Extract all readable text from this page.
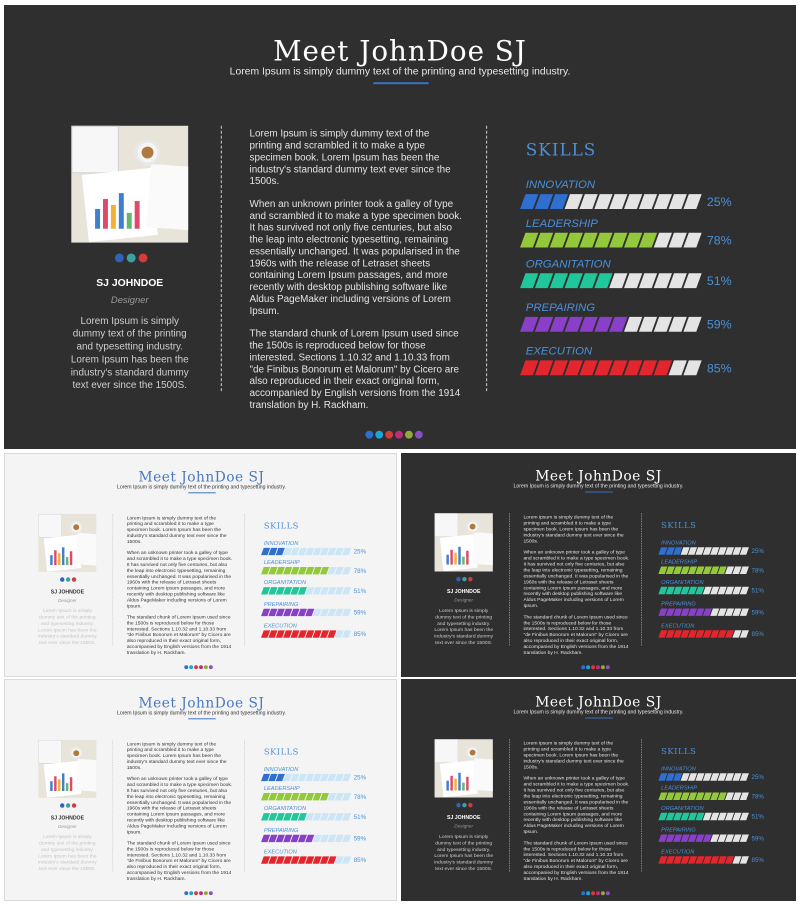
Meet JohnDoe SJ
Lorem Ipsum is simply dummy text of the printing and typesetting industry.
SJ JOHNDOE
Designer
Lorem Ipsum is simply dummy text of the printing and typesetting industry. Lorem Ipsum has been the industry's standard dummy text ever since the 1500S.

Lorem Ipsum is simply dummy text of the printing and scrambled it to make a type specimen book. Lorem Ipsum has been the industry's standard dummy text ever since the 1500s.

When an unknown printer took a galley of type and scrambled it to make a type specimen book. It has survived not only five centuries, but also the leap into electronic typesetting, remaining essentially unchanged. It was popularised in the 1960s with the release of Letraset sheets containing Lorem Ipsum passages, and more recently with desktop publishing software like Aldus PageMaker including versions of Lorem Ipsum.

The standard chunk of Lorem Ipsum used since the 1500s is reproduced below for those interested. Sections 1.10.32 and 1.10.33 from "de Finibus Bonorum et Malorum" by Cicero are also reproduced in their exact original form, accompanied by English versions from the 1914 translation by H. Rackham.

SKILLS
INNOVATION
25%
LEADERSHIP
78%
ORGANITATION
51%
PREPAIRING
59%
EXECUTION
85%
Meet JohnDoe SJ
Lorem Ipsum is simply dummy text of the printing and typesetting industry.
SJ JOHNDOE
Designer
Lorem Ipsum is simply dummy text of the printing and typesetting industry. Lorem Ipsum has been the industry's standard dummy text ever since the 1500S.

Lorem Ipsum is simply dummy text of the printing and scrambled it to make a type specimen book. Lorem Ipsum has been the industry's standard dummy text ever since the 1500s.

When an unknown printer took a galley of type and scrambled it to make a type specimen book. It has survived not only five centuries, but also the leap into electronic typesetting, remaining essentially unchanged. It was popularised in the 1960s with the release of Letraset sheets containing Lorem Ipsum passages, and more recently with desktop publishing software like Aldus PageMaker including versions of Lorem Ipsum.

The standard chunk of Lorem Ipsum used since the 1500s is reproduced below for those interested. Sections 1.10.32 and 1.10.33 from "de Finibus Bonorum et Malorum" by Cicero are also reproduced in their exact original form, accompanied by English versions from the 1914 translation by H. Rackham.

SKILLS
INNOVATION
25%
LEADERSHIP
78%
ORGANITATION
51%
PREPAIRING
59%
EXECUTION
85%
Meet JohnDoe SJ
Lorem Ipsum is simply dummy text of the printing and typesetting industry.
SJ JOHNDOE
Designer
Lorem Ipsum is simply dummy text of the printing and typesetting industry. Lorem Ipsum has been the industry's standard dummy text ever since the 1500S.

Lorem Ipsum is simply dummy text of the printing and scrambled it to make a type specimen book. Lorem Ipsum has been the industry's standard dummy text ever since the 1500s.

When an unknown printer took a galley of type and scrambled it to make a type specimen book. It has survived not only five centuries, but also the leap into electronic typesetting, remaining essentially unchanged. It was popularised in the 1960s with the release of Letraset sheets containing Lorem Ipsum passages, and more recently with desktop publishing software like Aldus PageMaker including versions of Lorem Ipsum.

The standard chunk of Lorem Ipsum used since the 1500s is reproduced below for those interested. Sections 1.10.32 and 1.10.33 from "de Finibus Bonorum et Malorum" by Cicero are also reproduced in their exact original form, accompanied by English versions from the 1914 translation by H. Rackham.

SKILLS
INNOVATION
25%
LEADERSHIP
78%
ORGANITATION
51%
PREPAIRING
59%
EXECUTION
85%
Meet JohnDoe SJ
Lorem Ipsum is simply dummy text of the printing and typesetting industry.
SJ JOHNDOE
Designer
Lorem Ipsum is simply dummy text of the printing and typesetting industry. Lorem Ipsum has been the industry's standard dummy text ever since the 1500S.

Lorem Ipsum is simply dummy text of the printing and scrambled it to make a type specimen book. Lorem Ipsum has been the industry's standard dummy text ever since the 1500s.

When an unknown printer took a galley of type and scrambled it to make a type specimen book. It has survived not only five centuries, but also the leap into electronic typesetting, remaining essentially unchanged. It was popularised in the 1960s with the release of Letraset sheets containing Lorem Ipsum passages, and more recently with desktop publishing software like Aldus PageMaker including versions of Lorem Ipsum.

The standard chunk of Lorem Ipsum used since the 1500s is reproduced below for those interested. Sections 1.10.32 and 1.10.33 from "de Finibus Bonorum et Malorum" by Cicero are also reproduced in their exact original form, accompanied by English versions from the 1914 translation by H. Rackham.

SKILLS
INNOVATION
25%
LEADERSHIP
78%
ORGANITATION
51%
PREPAIRING
59%
EXECUTION
85%
Meet JohnDoe SJ
Lorem Ipsum is simply dummy text of the printing and typesetting industry.
SJ JOHNDOE
Designer
Lorem Ipsum is simply dummy text of the printing and typesetting industry. Lorem Ipsum has been the industry's standard dummy text ever since the 1500S.

Lorem Ipsum is simply dummy text of the printing and scrambled it to make a type specimen book. Lorem Ipsum has been the industry's standard dummy text ever since the 1500s.

When an unknown printer took a galley of type and scrambled it to make a type specimen book. It has survived not only five centuries, but also the leap into electronic typesetting, remaining essentially unchanged. It was popularised in the 1960s with the release of Letraset sheets containing Lorem Ipsum passages, and more recently with desktop publishing software like Aldus PageMaker including versions of Lorem Ipsum.

The standard chunk of Lorem Ipsum used since the 1500s is reproduced below for those interested. Sections 1.10.32 and 1.10.33 from "de Finibus Bonorum et Malorum" by Cicero are also reproduced in their exact original form, accompanied by English versions from the 1914 translation by H. Rackham.

SKILLS
INNOVATION
25%
LEADERSHIP
78%
ORGANITATION
51%
PREPAIRING
59%
EXECUTION
85%
